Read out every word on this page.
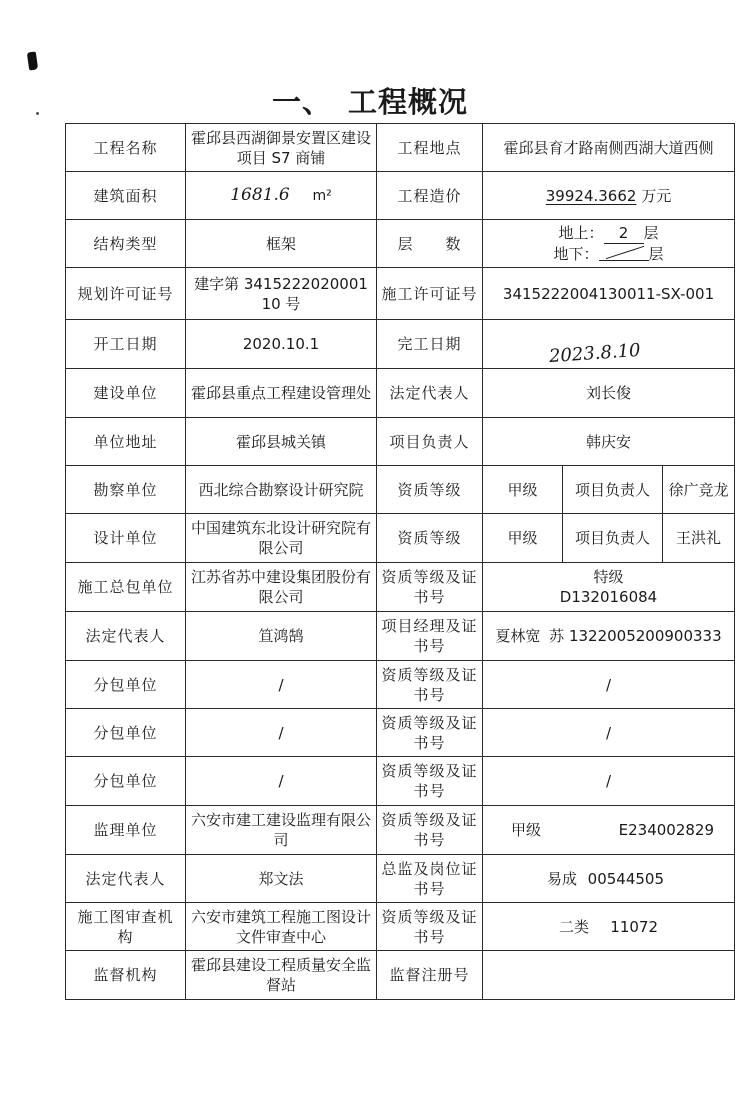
一、 工程概况
工程名称	霍邱县西湖御景安置区建设项目 S7 商铺	工程地点	霍邱县育才路南侧西湖大道西侧		
建筑面积	1681.6 m²	工程造价	39924.3662 万元		
结构类型	框架	层　　数	地上： 2 层
地下： 层		

规划许可证号	建字第 341522202000110 号	施工许可证号	3415222004130011-SX-001		
开工日期	2020.10.1	完工日期	2023.8.10		
建设单位	霍邱县重点工程建设管理处	法定代表人	刘长俊		
单位地址	霍邱县城关镇	项目负责人	韩庆安		
勘察单位	西北综合勘察设计研究院	资质等级	甲级	项目负责人	徐广竞龙
设计单位	中国建筑东北设计研究院有限公司	资质等级	甲级	项目负责人	王洪礼
施工总包单位	江苏省苏中建设集团股份有限公司	资质等级及证书号	特级
D132016084		

法定代表人	笪鸿鹄	项目经理及证书号	夏林宽 苏 1322005200900333		
分包单位	/	资质等级及证书号	/		
分包单位	/	资质等级及证书号	/		
分包单位	/	资质等级及证书号	/		
监理单位	六安市建工建设监理有限公司	资质等级及证书号	甲级 E234002829		

法定代表人	郑文法	总监及岗位证书号	易成 00544505		

施工图审查机构	六安市建筑工程施工图设计文件审查中心	资质等级及证书号	二类 11072		

监督机构	霍邱县建设工程质量安全监督站	监督注册号			
